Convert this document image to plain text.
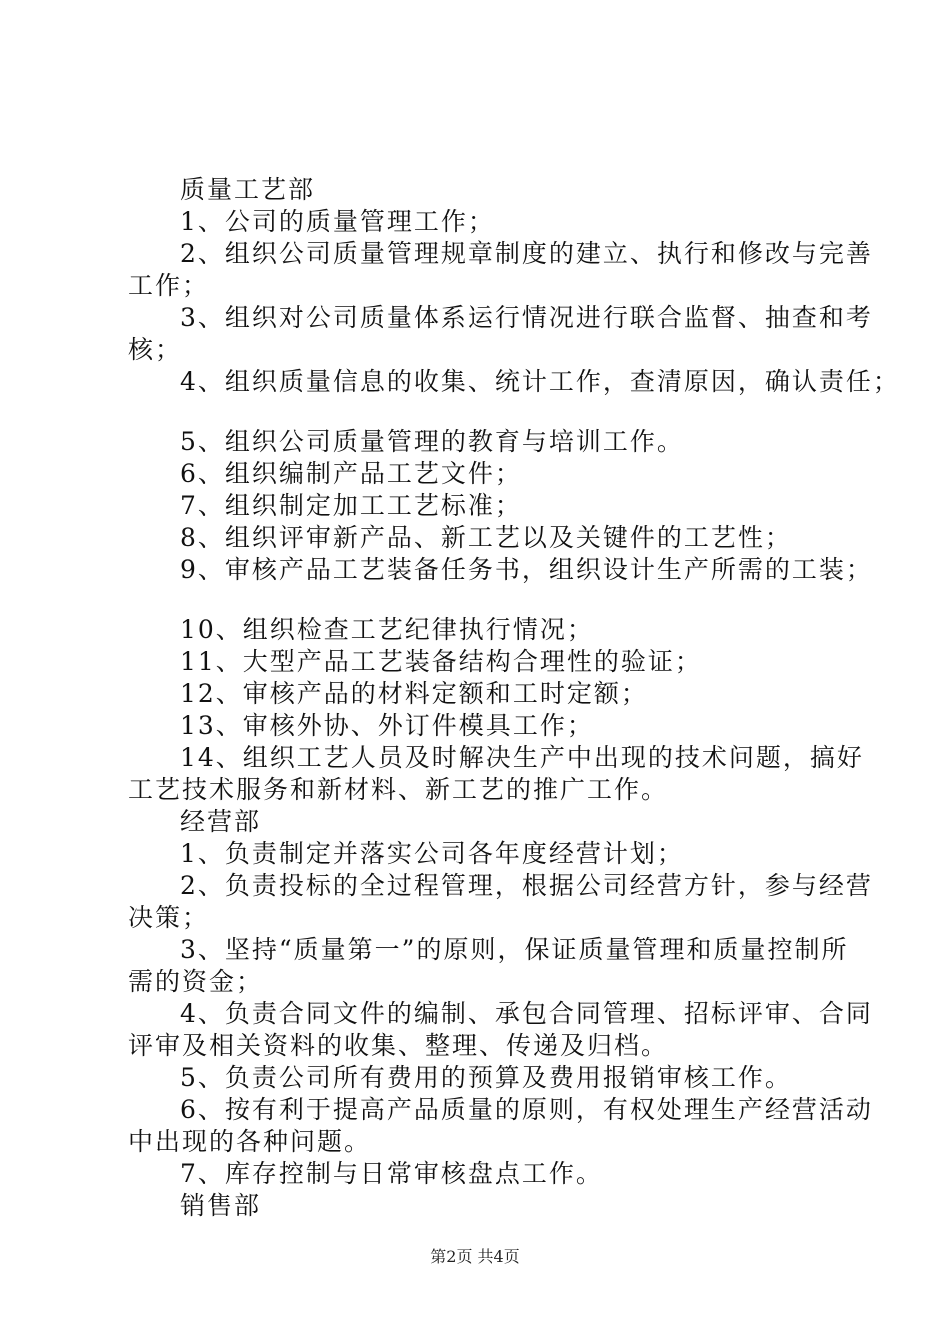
质量工艺部
1、公司的质量管理工作；
2、组织公司质量管理规章制度的建立、执行和修改与完善
工作；
3、组织对公司质量体系运行情况进行联合监督、抽查和考
核；
4、组织质量信息的收集、统计工作，查清原因，确认责任；
5、组织公司质量管理的教育与培训工作。
6、组织编制产品工艺文件；
7、组织制定加工工艺标准；
8、组织评审新产品、新工艺以及关键件的工艺性；
9、审核产品工艺装备任务书，组织设计生产所需的工装；
10、组织检查工艺纪律执行情况；
11、大型产品工艺装备结构合理性的验证；
12、审核产品的材料定额和工时定额；
13、审核外协、外订件模具工作；
14、组织工艺人员及时解决生产中出现的技术问题，搞好
工艺技术服务和新材料、新工艺的推广工作。
经营部
1、负责制定并落实公司各年度经营计划；
2、负责投标的全过程管理，根据公司经营方针，参与经营
决策；
3、坚持“质量第一”的原则，保证质量管理和质量控制所
需的资金；
4、负责合同文件的编制、承包合同管理、招标评审、合同
评审及相关资料的收集、整理、传递及归档。
5、负责公司所有费用的预算及费用报销审核工作。
6、按有利于提高产品质量的原则，有权处理生产经营活动
中出现的各种问题。
7、库存控制与日常审核盘点工作。
销售部
第2页 共4页
